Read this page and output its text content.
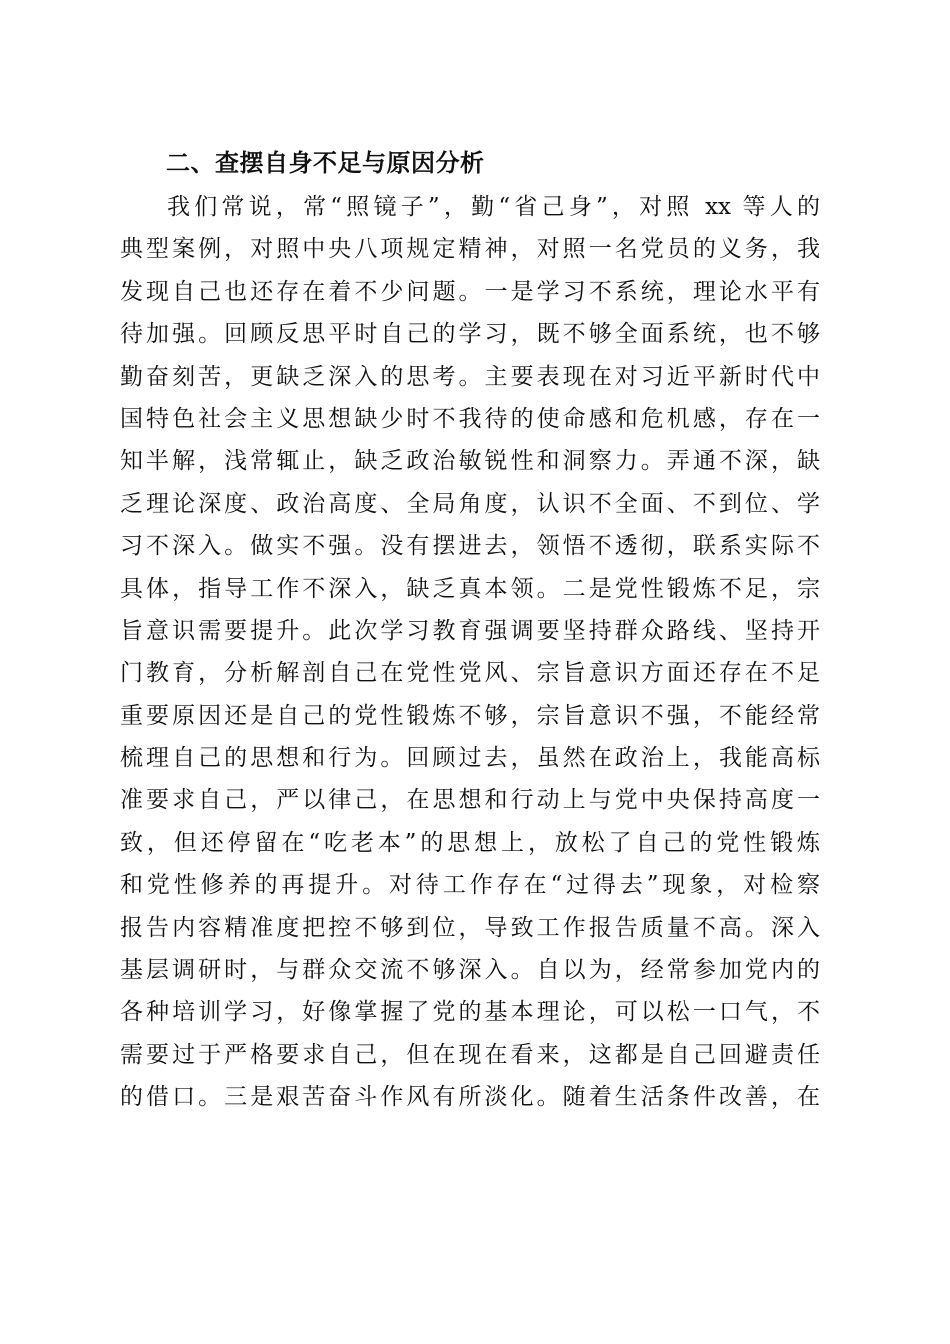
二、查摆自身不足与原因分析
我们常说，常“照镜子”，勤“省己身”，对照 xx 等人的
典型案例，对照中央八项规定精神，对照一名党员的义务，我
发现自己也还存在着不少问题。一是学习不系统，理论水平有
待加强。回顾反思平时自己的学习，既不够全面系统，也不够
勤奋刻苦，更缺乏深入的思考。主要表现在对习近平新时代中
国特色社会主义思想缺少时不我待的使命感和危机感，存在一
知半解，浅常辄止，缺乏政治敏锐性和洞察力。弄通不深，缺
乏理论深度、政治高度、全局角度，认识不全面、不到位、学
习不深入。做实不强。没有摆进去，领悟不透彻，联系实际不
具体，指导工作不深入，缺乏真本领。二是党性锻炼不足，宗
旨意识需要提升。此次学习教育强调要坚持群众路线、坚持开
门教育，分析解剖自己在党性党风、宗旨意识方面还存在不足
重要原因还是自己的党性锻炼不够，宗旨意识不强，不能经常
梳理自己的思想和行为。回顾过去，虽然在政治上，我能高标
准要求自己，严以律己，在思想和行动上与党中央保持高度一
致，但还停留在“吃老本”的思想上，放松了自己的党性锻炼
和党性修养的再提升。对待工作存在“过得去”现象，对检察
报告内容精准度把控不够到位，导致工作报告质量不高。深入
基层调研时，与群众交流不够深入。自以为，经常参加党内的
各种培训学习，好像掌握了党的基本理论，可以松一口气，不
需要过于严格要求自己，但在现在看来，这都是自己回避责任
的借口。三是艰苦奋斗作风有所淡化。随着生活条件改善，在
